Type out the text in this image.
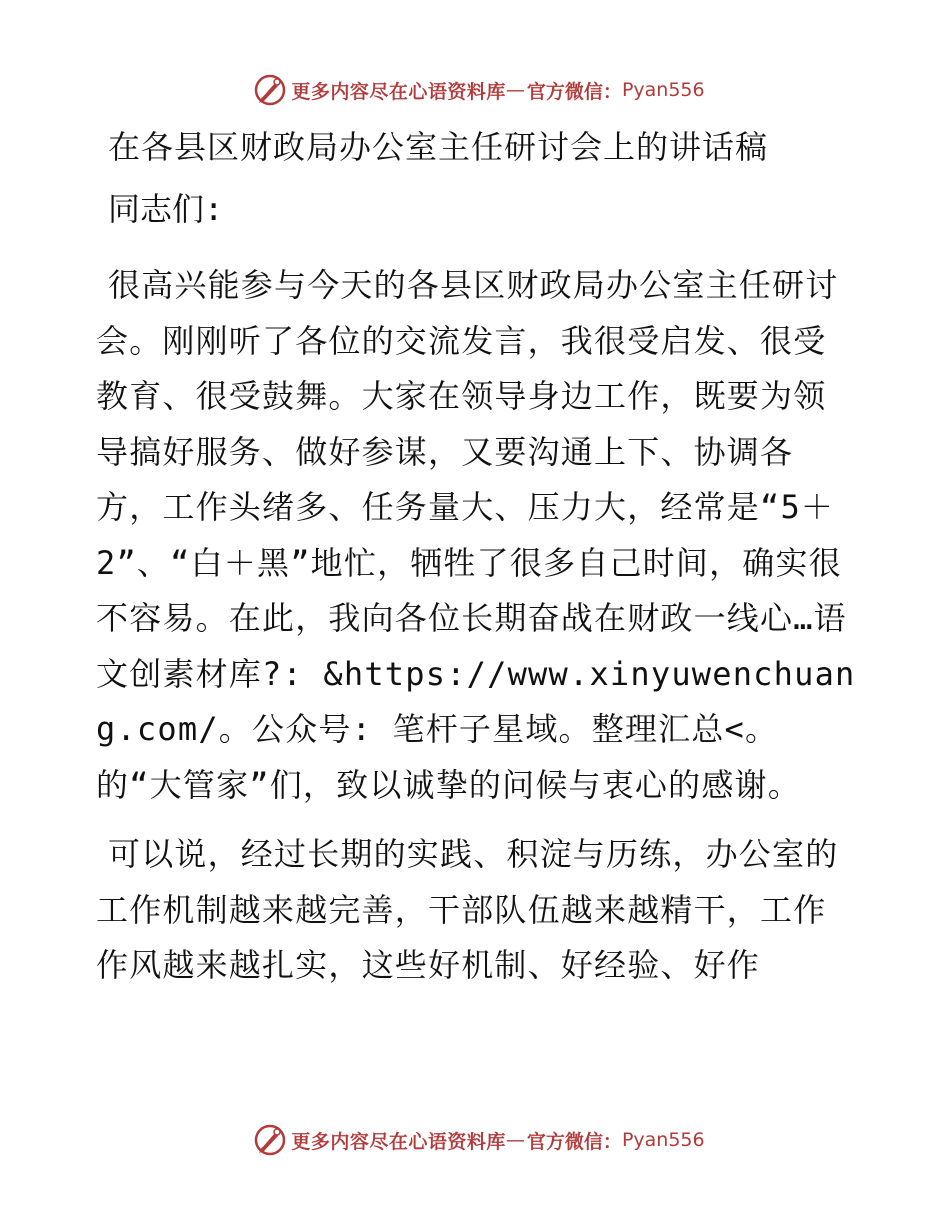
更多内容尽在心语资料库 — 官方微信： Pyan556
在各县区财政局办公室主任研讨会上的讲话稿

同志们:

很高兴能参与今天的各县区财政局办公室主任研讨会。刚刚听了各位的交流发言，我很受启发、很受教育、很受鼓舞。大家在领导身边工作，既要为领导搞好服务、做好参谋，又要沟通上下、协调各方，工作头绪多、任务量大、压力大，经常是“5＋2”、“白＋黑”地忙，牺牲了很多自己时间，确实很不容易。在此，我向各位长期奋战在财政一线心…语文创素材库?: &https://www.xinyuwenchuang.com/。公众号: 笔杆子星域。整理汇总<。的“大管家”们，致以诚挚的问候与衷心的感谢。

可以说，经过长期的实践、积淀与历练，办公室的工作机制越来越完善，干部队伍越来越精干，工作作风越来越扎实，这些好机制、好经验、好作

更多内容尽在心语资料库 — 官方微信： Pyan556
